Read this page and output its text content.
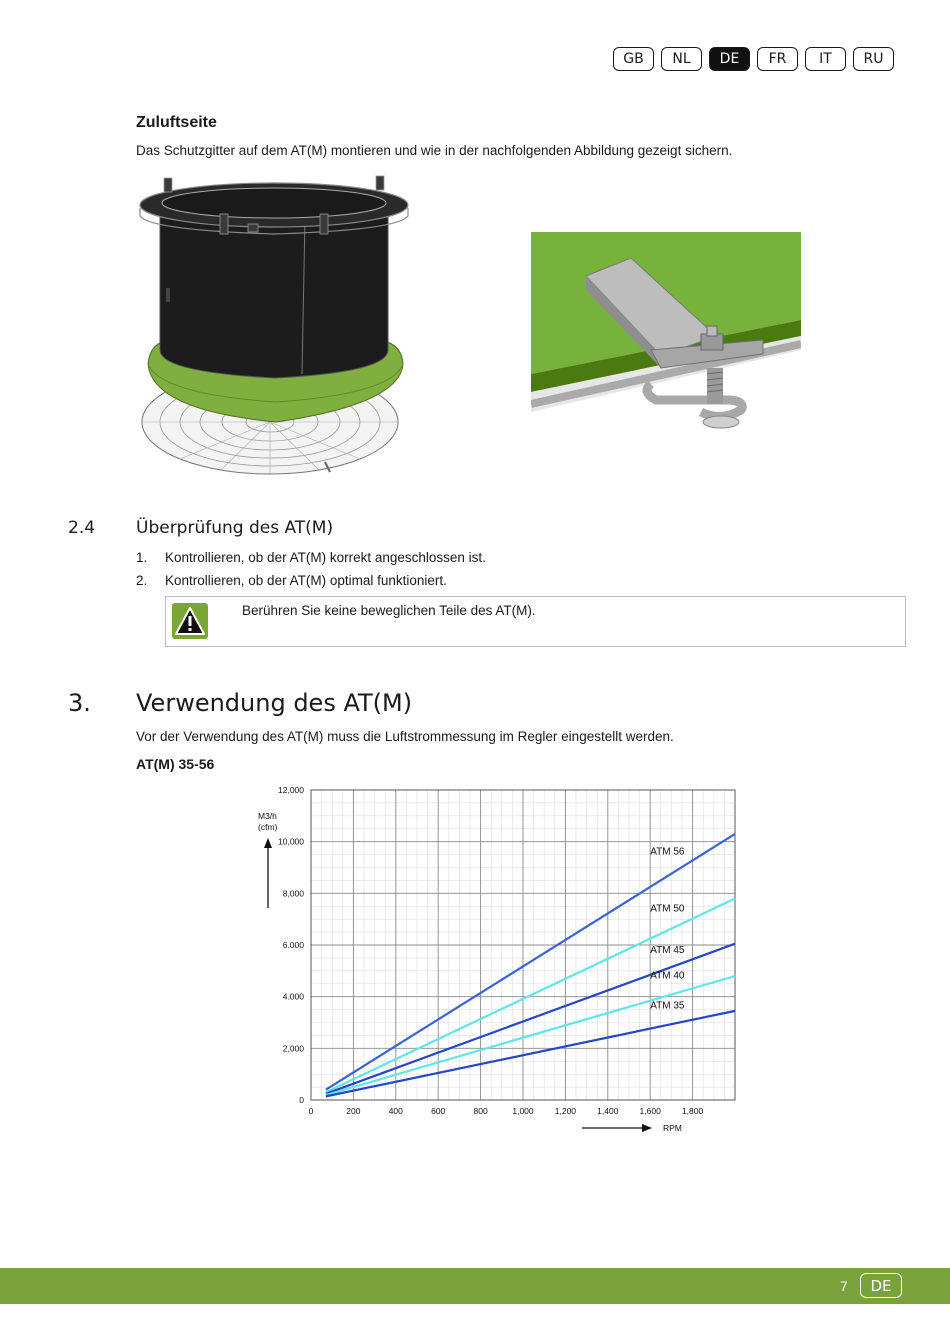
GB	NL	DE	FR	IT	RU
Zuluftseite
Das Schutzgitter auf dem AT(M) montieren und wie in der nachfolgenden Abbildung gezeigt sichern.
2.4 Überprüfung des AT(M)
1. Kontrollieren, ob der AT(M) korrekt angeschlossen ist.
2. Kontrollieren, ob der AT(M) optimal funktioniert.
Berühren Sie keine beweglichen Teile des AT(M).
3. Verwendung des AT(M)
Vor der Verwendung des AT(M) muss die Luftstrommessung im Regler eingestellt werden.
AT(M) 35-56
0	200	400	600	800	1,000 1,200 1,400 1,600 1,800
0
2,000
4.000
6.000
8,000
10,000
12,000
ATM 56
ATM 50
ATM 45
ATM 40
ATM 35
M3/h
(cfm)
RPM
7	DE
